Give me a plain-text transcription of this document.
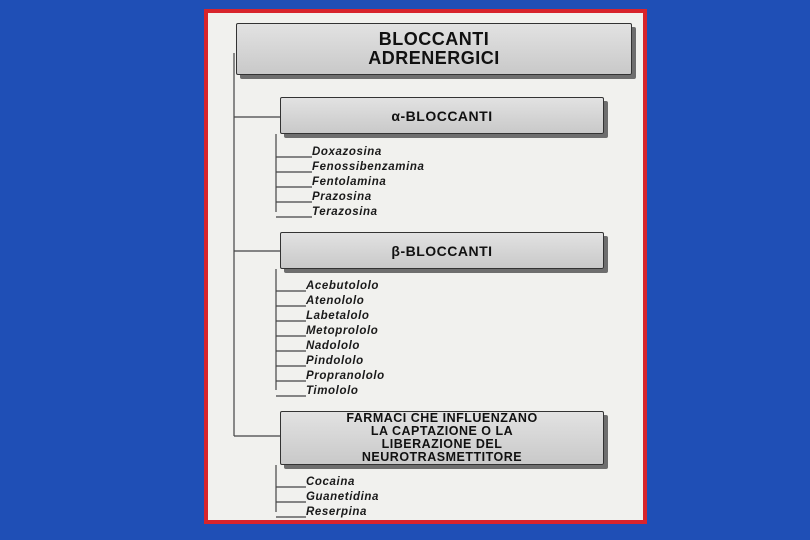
BLOCCANTI
ADRENERGICI
α-BLOCCANTI
Doxazosina
Fenossibenzamina
Fentolamina
Prazosina
Terazosina
β-BLOCCANTI
Acebutololo
Atenololo
Labetalolo
Metoprololo
Nadololo
Pindololo
Propranololo
Timololo
FARMACI CHE INFLUENZANO
LA CAPTAZIONE O LA
LIBERAZIONE DEL
NEUROTRASMETTITORE
Cocaina
Guanetidina
Reserpina
